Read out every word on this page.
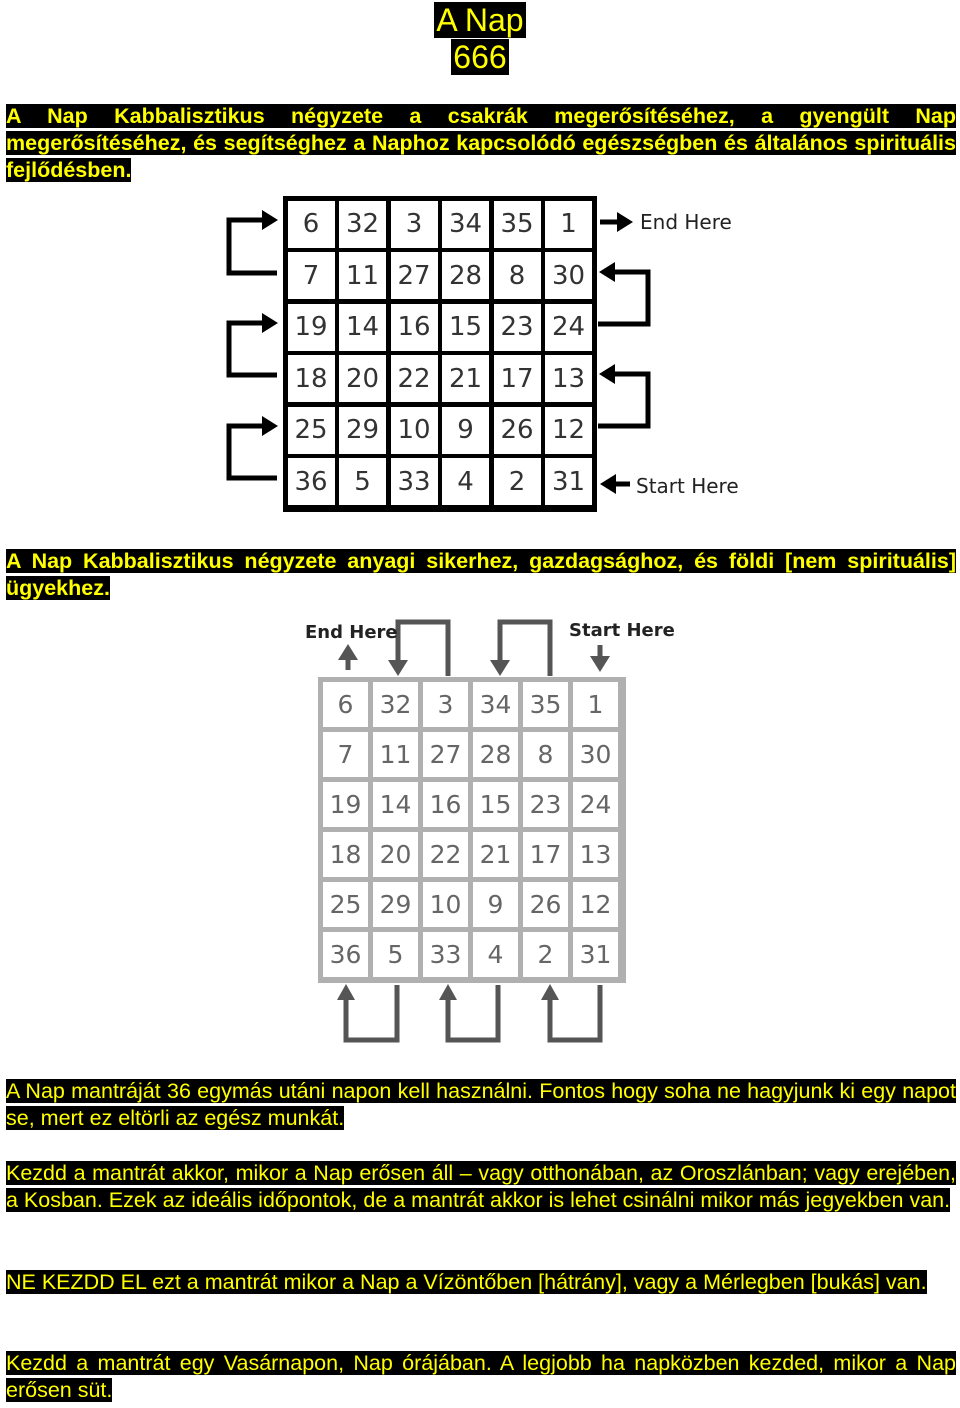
A Nap
666
A Nap Kabbalisztikus négyzete a csakrák megerősítéséhez, a gyengült Nap megerősítéséhez, és segítséghez a Naphoz kapcsolódó egészségben és általános spirituális fejlődésben.
End Here
Start Here
6	32	3	34 35	1
7	11 27 28	8	30
19 14 16 15 23 24
18 20 22 21 17 13
25 29 10	9	26 12
36	5	33	4	2	31
A Nap Kabbalisztikus négyzete anyagi sikerhez, gazdagsághoz, és földi [nem spirituális] ügyekhez.
End Here	Start Here
6	32	3	34 35	1
7	11 27 28	8	30
19 14 16 15 23 24
18 20 22 21 17 13
25 29 10	9	26 12
36	5	33	4	2	31
A Nap mantráját 36 egymás utáni napon kell használni. Fontos hogy soha ne hagyjunk ki egy napot se, mert ez eltörli az egész munkát.
Kezdd a mantrát akkor, mikor a Nap erősen áll – vagy otthonában, az Oroszlánban; vagy erejében, a Kosban. Ezek az ideális időpontok, de a mantrát akkor is lehet csinálni mikor más jegyekben van.
NE KEZDD EL ezt a mantrát mikor a Nap a Vízöntőben [hátrány], vagy a Mérlegben [bukás] van.
Kezdd a mantrát egy Vasárnapon, Nap órájában. A legjobb ha napközben kezded, mikor a Nap erősen süt.
